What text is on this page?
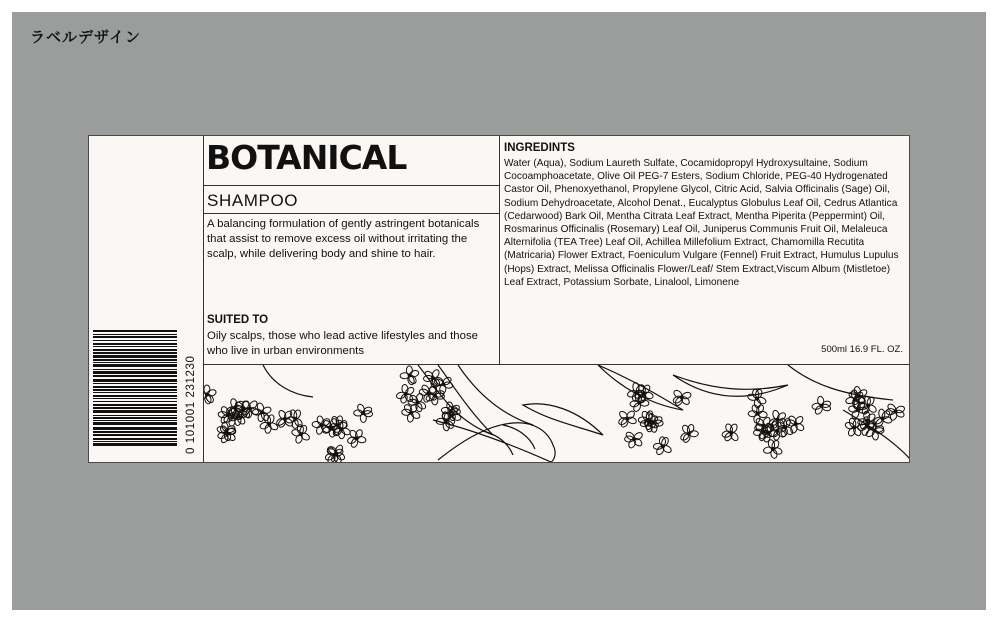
ラベルデザイン
0 101001 231230
BOTANICAL
SHAMPOO
A balancing formulation of gently astringent botanicals that assist to remove excess oil without irritating the scalp, while delivering body and shine to hair.
SUITED TO
Oily scalps, those who lead active lifestyles and those who live in urban environments
INGREDINTS
Water (Aqua), Sodium Laureth Sulfate, Cocamidopropyl Hydroxysultaine, Sodium Cocoamphoacetate, Olive Oil PEG-7 Esters, Sodium Chloride, PEG-40 Hydrogenated Castor Oil, Phenoxyethanol, Propylene Glycol, Citric Acid, Salvia Officinalis (Sage) Oil, Sodium Dehydroacetate, Alcohol Denat., Eucalyptus Globulus Leaf Oil, Cedrus Atlantica (Cedarwood) Bark Oil, Mentha Citrata Leaf Extract, Mentha Piperita (Peppermint) Oil, Rosmarinus Officinalis (Rosemary) Leaf Oil, Juniperus Communis Fruit Oil, Melaleuca Alternifolia (TEA Tree) Leaf Oil, Achillea Millefolium Extract, Chamomilla Recutita (Matricaria) Flower Extract, Foeniculum Vulgare (Fennel) Fruit Extract, Humulus Lupulus (Hops) Extract, Melissa Officinalis Flower/Leaf/ Stem Extract,Viscum Album (Mistletoe) Leaf Extract, Potassium Sorbate, Linalool, Limonene
500ml 16.9 FL. OZ.
